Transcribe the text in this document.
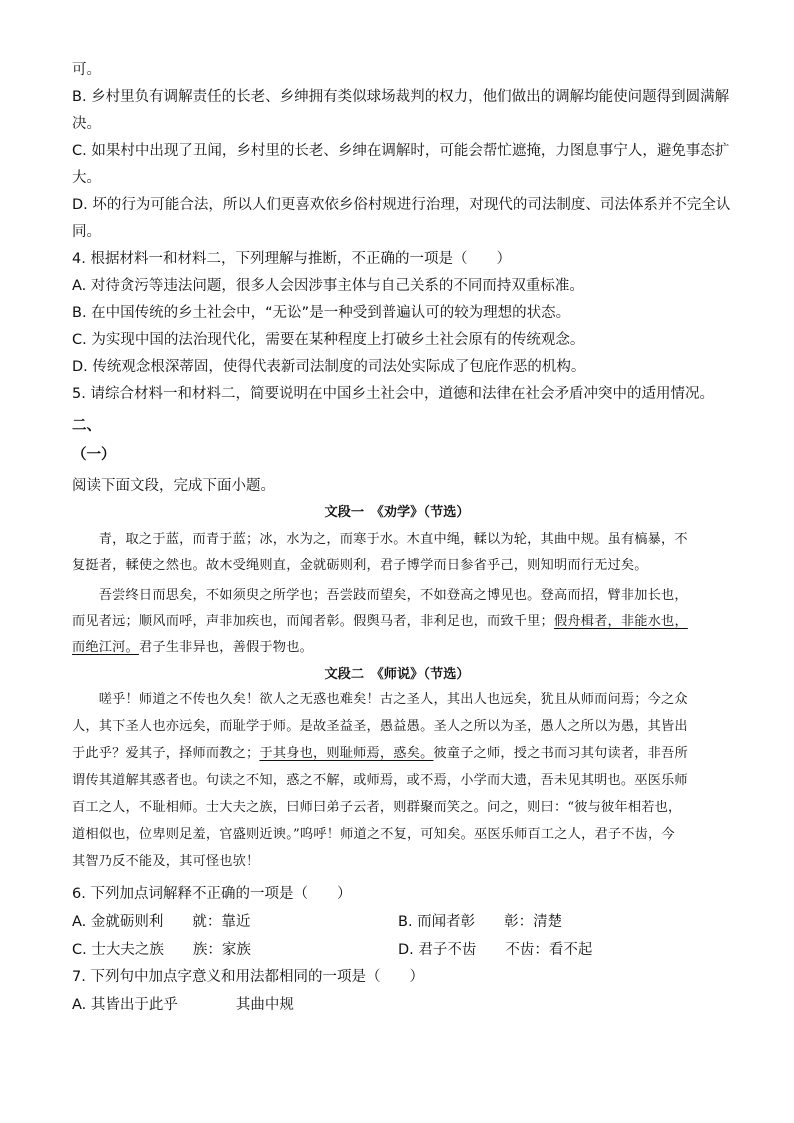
可。
B. 乡村里负有调解责任的长老、乡绅拥有类似球场裁判的权力，他们做出的调解均能使问题得到圆满解
决。
C. 如果村中出现了丑闻，乡村里的长老、乡绅在调解时，可能会帮忙遮掩，力图息事宁人，避免事态扩
大。
D. 坏的行为可能合法，所以人们更喜欢依乡俗村规进行治理，对现代的司法制度、司法体系并不完全认
同。
4. 根据材料一和材料二，下列理解与推断，不正确的一项是（　　）
A. 对待贪污等违法问题，很多人会因涉事主体与自己关系的不同而持双重标准。
B. 在中国传统的乡土社会中，“无讼”是一种受到普遍认可的较为理想的状态。
C. 为实现中国的法治现代化，需要在某种程度上打破乡土社会原有的传统观念。
D. 传统观念根深蒂固，使得代表新司法制度的司法处实际成了包庇作恶的机构。
5. 请综合材料一和材料二，简要说明在中国乡土社会中，道德和法律在社会矛盾冲突中的适用情况。
二、
（一）
阅读下面文段，完成下面小题。
文段一　《劝学》（节选）
　　青，取之于蓝，而青于蓝；冰，水为之，而寒于水。木直中绳，輮以为轮，其曲中规。虽有槁暴，不
复挺者，輮使之然也。故木受绳则直，金就砺则利，君子博学而日参省乎己，则知明而行无过矣。
　　吾尝终日而思矣，不如须臾之所学也；吾尝跂而望矣，不如登高之博见也。登高而招，臂非加长也，
而见者远；顺风而呼，声非加疾也，而闻者彰。假舆马者，非利足也，而致千里；假舟楫者，非能水也，
而绝江河。君子生非异也，善假于物也。
文段二　《师说》（节选）
　　嗟乎！师道之不传也久矣！欲人之无惑也难矣！古之圣人，其出人也远矣，犹且从师而问焉；今之众
人，其下圣人也亦远矣，而耻学于师。是故圣益圣，愚益愚。圣人之所以为圣，愚人之所以为愚，其皆出
于此乎？爱其子，择师而教之；于其身也，则耻师焉，惑矣。彼童子之师，授之书而习其句读者，非吾所
谓传其道解其惑者也。句读之不知，惑之不解，或师焉，或不焉，小学而大遗，吾未见其明也。巫医乐师
百工之人，不耻相师。士大夫之族，曰师曰弟子云者，则群聚而笑之。问之，则曰：“彼与彼年相若也，
道相似也，位卑则足羞，官盛则近谀。”呜呼！师道之不复，可知矣。巫医乐师百工之人，君子不齿，今
其智乃反不能及，其可怪也欤！
6. 下列加点词解释不正确的一项是（　　）
A. 金就砺则利　　就：靠近	B. 而闻者彰　　彰：清楚
C. 士大夫之族　　族：家族	D. 君子不齿　　不齿：看不起
7. 下列句中加点字意义和用法都相同的一项是（　　）
A. 其皆出于此乎　　　　其曲中规
